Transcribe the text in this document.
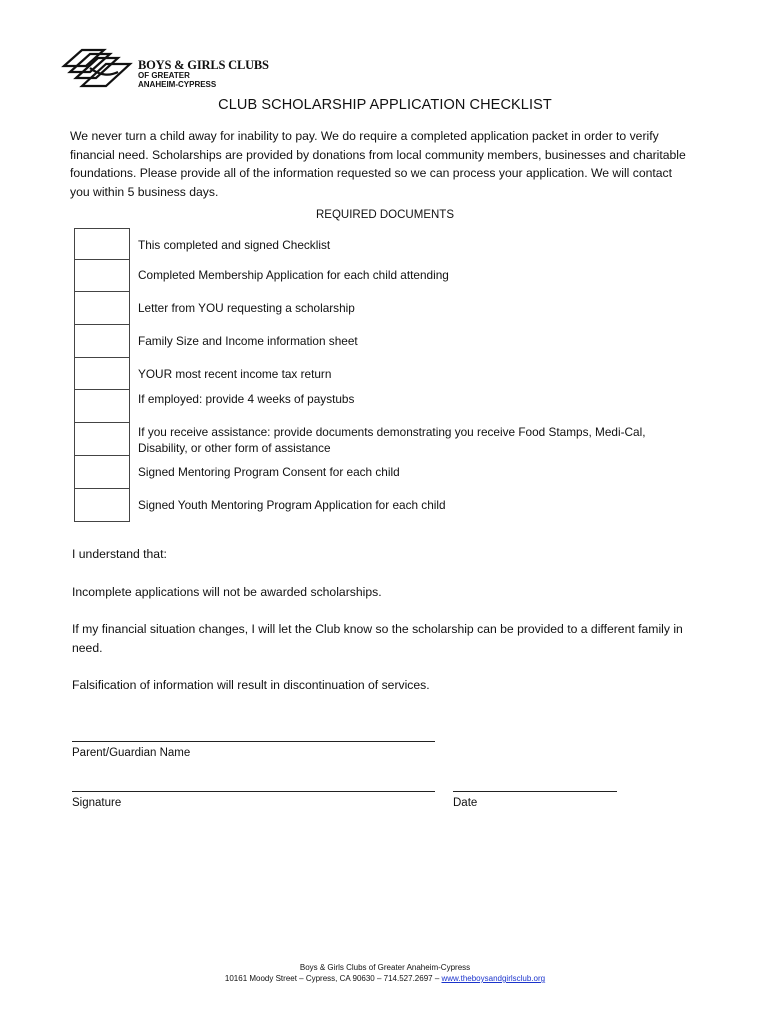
BOYS & GIRLS CLUBS
OF GREATER
ANAHEIM-CYPRESS
CLUB SCHOLARSHIP APPLICATION CHECKLIST
We never turn a child away for inability to pay. We do require a completed application packet in order to verify financial need. Scholarships are provided by donations from local community members, businesses and charitable foundations. Please provide all of the information requested so we can process your application. We will contact you within 5 business days.
REQUIRED DOCUMENTS
This completed and signed Checklist
Completed Membership Application for each child attending
Letter from YOU requesting a scholarship
Family Size and Income information sheet
YOUR most recent income tax return
If employed: provide 4 weeks of paystubs
If you receive assistance: provide documents demonstrating you receive Food Stamps, Medi-Cal, Disability, or other form of assistance
Signed Mentoring Program Consent for each child
Signed Youth Mentoring Program Application for each child
I understand that:
Incomplete applications will not be awarded scholarships.
If my financial situation changes, I will let the Club know so the scholarship can be provided to a different family in need.
Falsification of information will result in discontinuation of services.
Parent/Guardian Name
Signature	Date
Boys & Girls Clubs of Greater Anaheim-Cypress
10161 Moody Street – Cypress, CA 90630 – 714.527.2697 – www.theboysandgirlsclub.org
